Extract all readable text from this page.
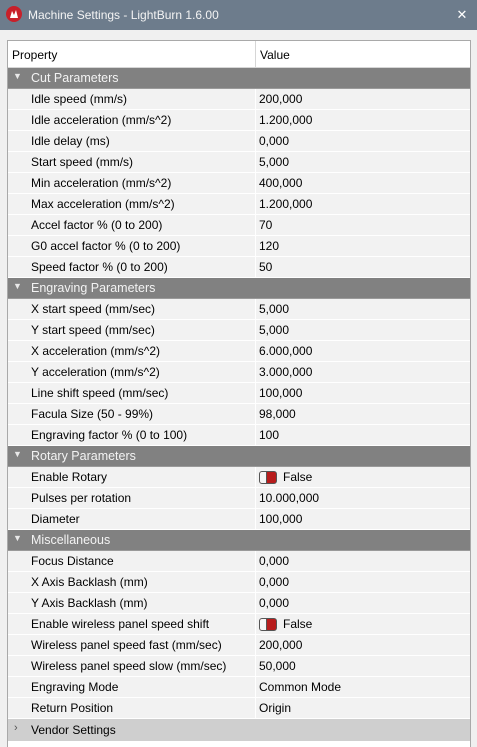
Machine Settings - LightBurn 1.6.00	✕
Property	Value
▼ Cut Parameters
Idle speed (mm/s)	200,000
Idle acceleration (mm/s^2)	1.200,000
Idle delay (ms)	0,000
Start speed (mm/s)	5,000
Min acceleration (mm/s^2)	400,000
Max acceleration (mm/s^2)	1.200,000
Accel factor % (0 to 200)	70
G0 accel factor % (0 to 200)	120
Speed factor % (0 to 200)	50
▼ Engraving Parameters
X start speed (mm/sec)	5,000
Y start speed (mm/sec)	5,000
X acceleration (mm/s^2)	6.000,000
Y acceleration (mm/s^2)	3.000,000
Line shift speed (mm/sec)	100,000
Facula Size (50 - 99%)	98,000
Engraving factor % (0 to 100)	100
▼ Rotary Parameters
Enable Rotary	False
Pulses per rotation	10.000,000
Diameter	100,000
▼ Miscellaneous
Focus Distance	0,000
X Axis Backlash (mm)	0,000
Y Axis Backlash (mm)	0,000
Enable wireless panel speed shift	False
Wireless panel speed fast (mm/sec)	200,000
Wireless panel speed slow (mm/sec)	50,000
Engraving Mode	Common Mode
Return Position	Origin
› Vendor Settings
